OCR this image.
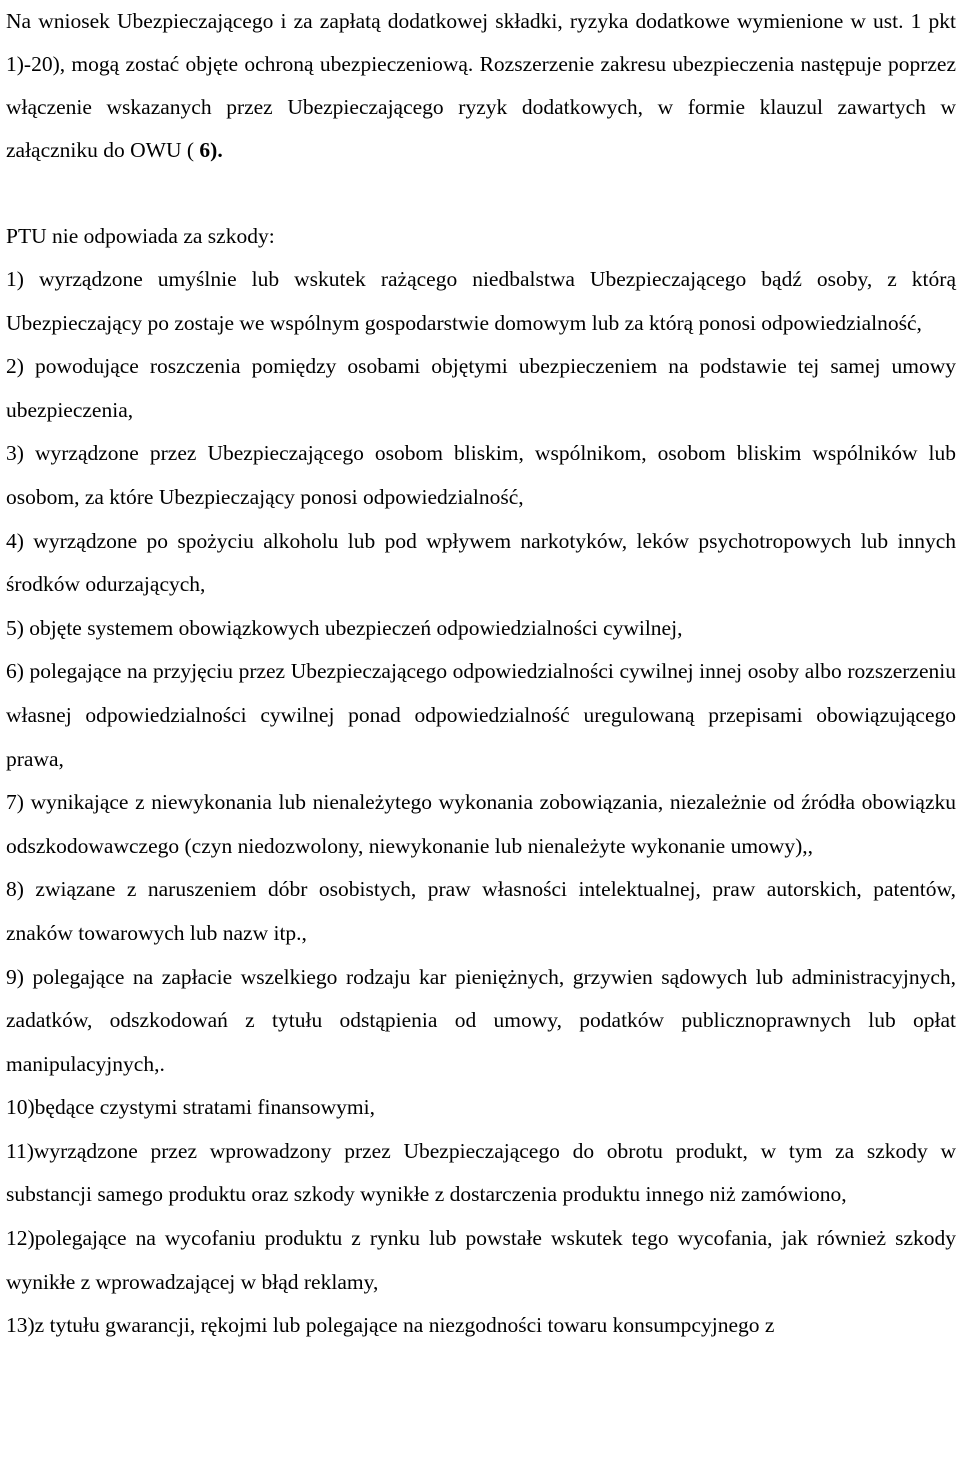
Na wniosek Ubezpieczającego i za zapłatą dodatkowej składki, ryzyka dodatkowe wymienione w ust. 1 pkt 1)-20), mogą zostać objęte ochroną ubezpieczeniową. Rozszerzenie zakresu ubezpieczenia następuje poprzez włączenie wskazanych przez Ubezpieczającego ryzyk dodatkowych, w formie klauzul zawartych w załączniku do OWU ( 6).

PTU nie odpowiada za szkody:

1) wyrządzone umyślnie lub wskutek rażącego niedbalstwa Ubezpieczającego bądź osoby, z którą Ubezpieczający po zostaje we wspólnym gospodarstwie domowym lub za którą ponosi odpowiedzialność,

2) powodujące roszczenia pomiędzy osobami objętymi ubezpieczeniem na podstawie tej samej umowy ubezpieczenia,

3) wyrządzone przez Ubezpieczającego osobom bliskim, wspólnikom, osobom bliskim wspólników lub osobom, za które Ubezpieczający ponosi odpowiedzialność,

4) wyrządzone po spożyciu alkoholu lub pod wpływem narkotyków, leków psychotropowych lub innych środków odurzających,

5) objęte systemem obowiązkowych ubezpieczeń odpowiedzialności cywilnej,

6) polegające na przyjęciu przez Ubezpieczającego odpowiedzialności cywilnej innej osoby albo rozszerzeniu własnej odpowiedzialności cywilnej ponad odpowiedzialność uregulowaną przepisami obowiązującego prawa,

7) wynikające z niewykonania lub nienależytego wykonania zobowiązania, niezależnie od źródła obowiązku odszkodowawczego (czyn niedozwolony, niewykonanie lub nienależyte wykonanie umowy),,

8) związane z naruszeniem dóbr osobistych, praw własności intelektualnej, praw autorskich, patentów, znaków towarowych lub nazw itp.,

9) polegające na zapłacie wszelkiego rodzaju kar pieniężnych, grzywien sądowych lub administracyjnych, zadatków, odszkodowań z tytułu odstąpienia od umowy, podatków publicznoprawnych lub opłat manipulacyjnych,.

10)będące czystymi stratami finansowymi,

11)wyrządzone przez wprowadzony przez Ubezpieczającego do obrotu produkt, w tym za szkody w substancji samego produktu oraz szkody wynikłe z dostarczenia produktu innego niż zamówiono,

12)polegające na wycofaniu produktu z rynku lub powstałe wskutek tego wycofania, jak również szkody wynikłe z wprowadzającej w błąd reklamy,

13)z tytułu gwarancji, rękojmi lub polegające na niezgodności towaru konsumpcyjnego z
